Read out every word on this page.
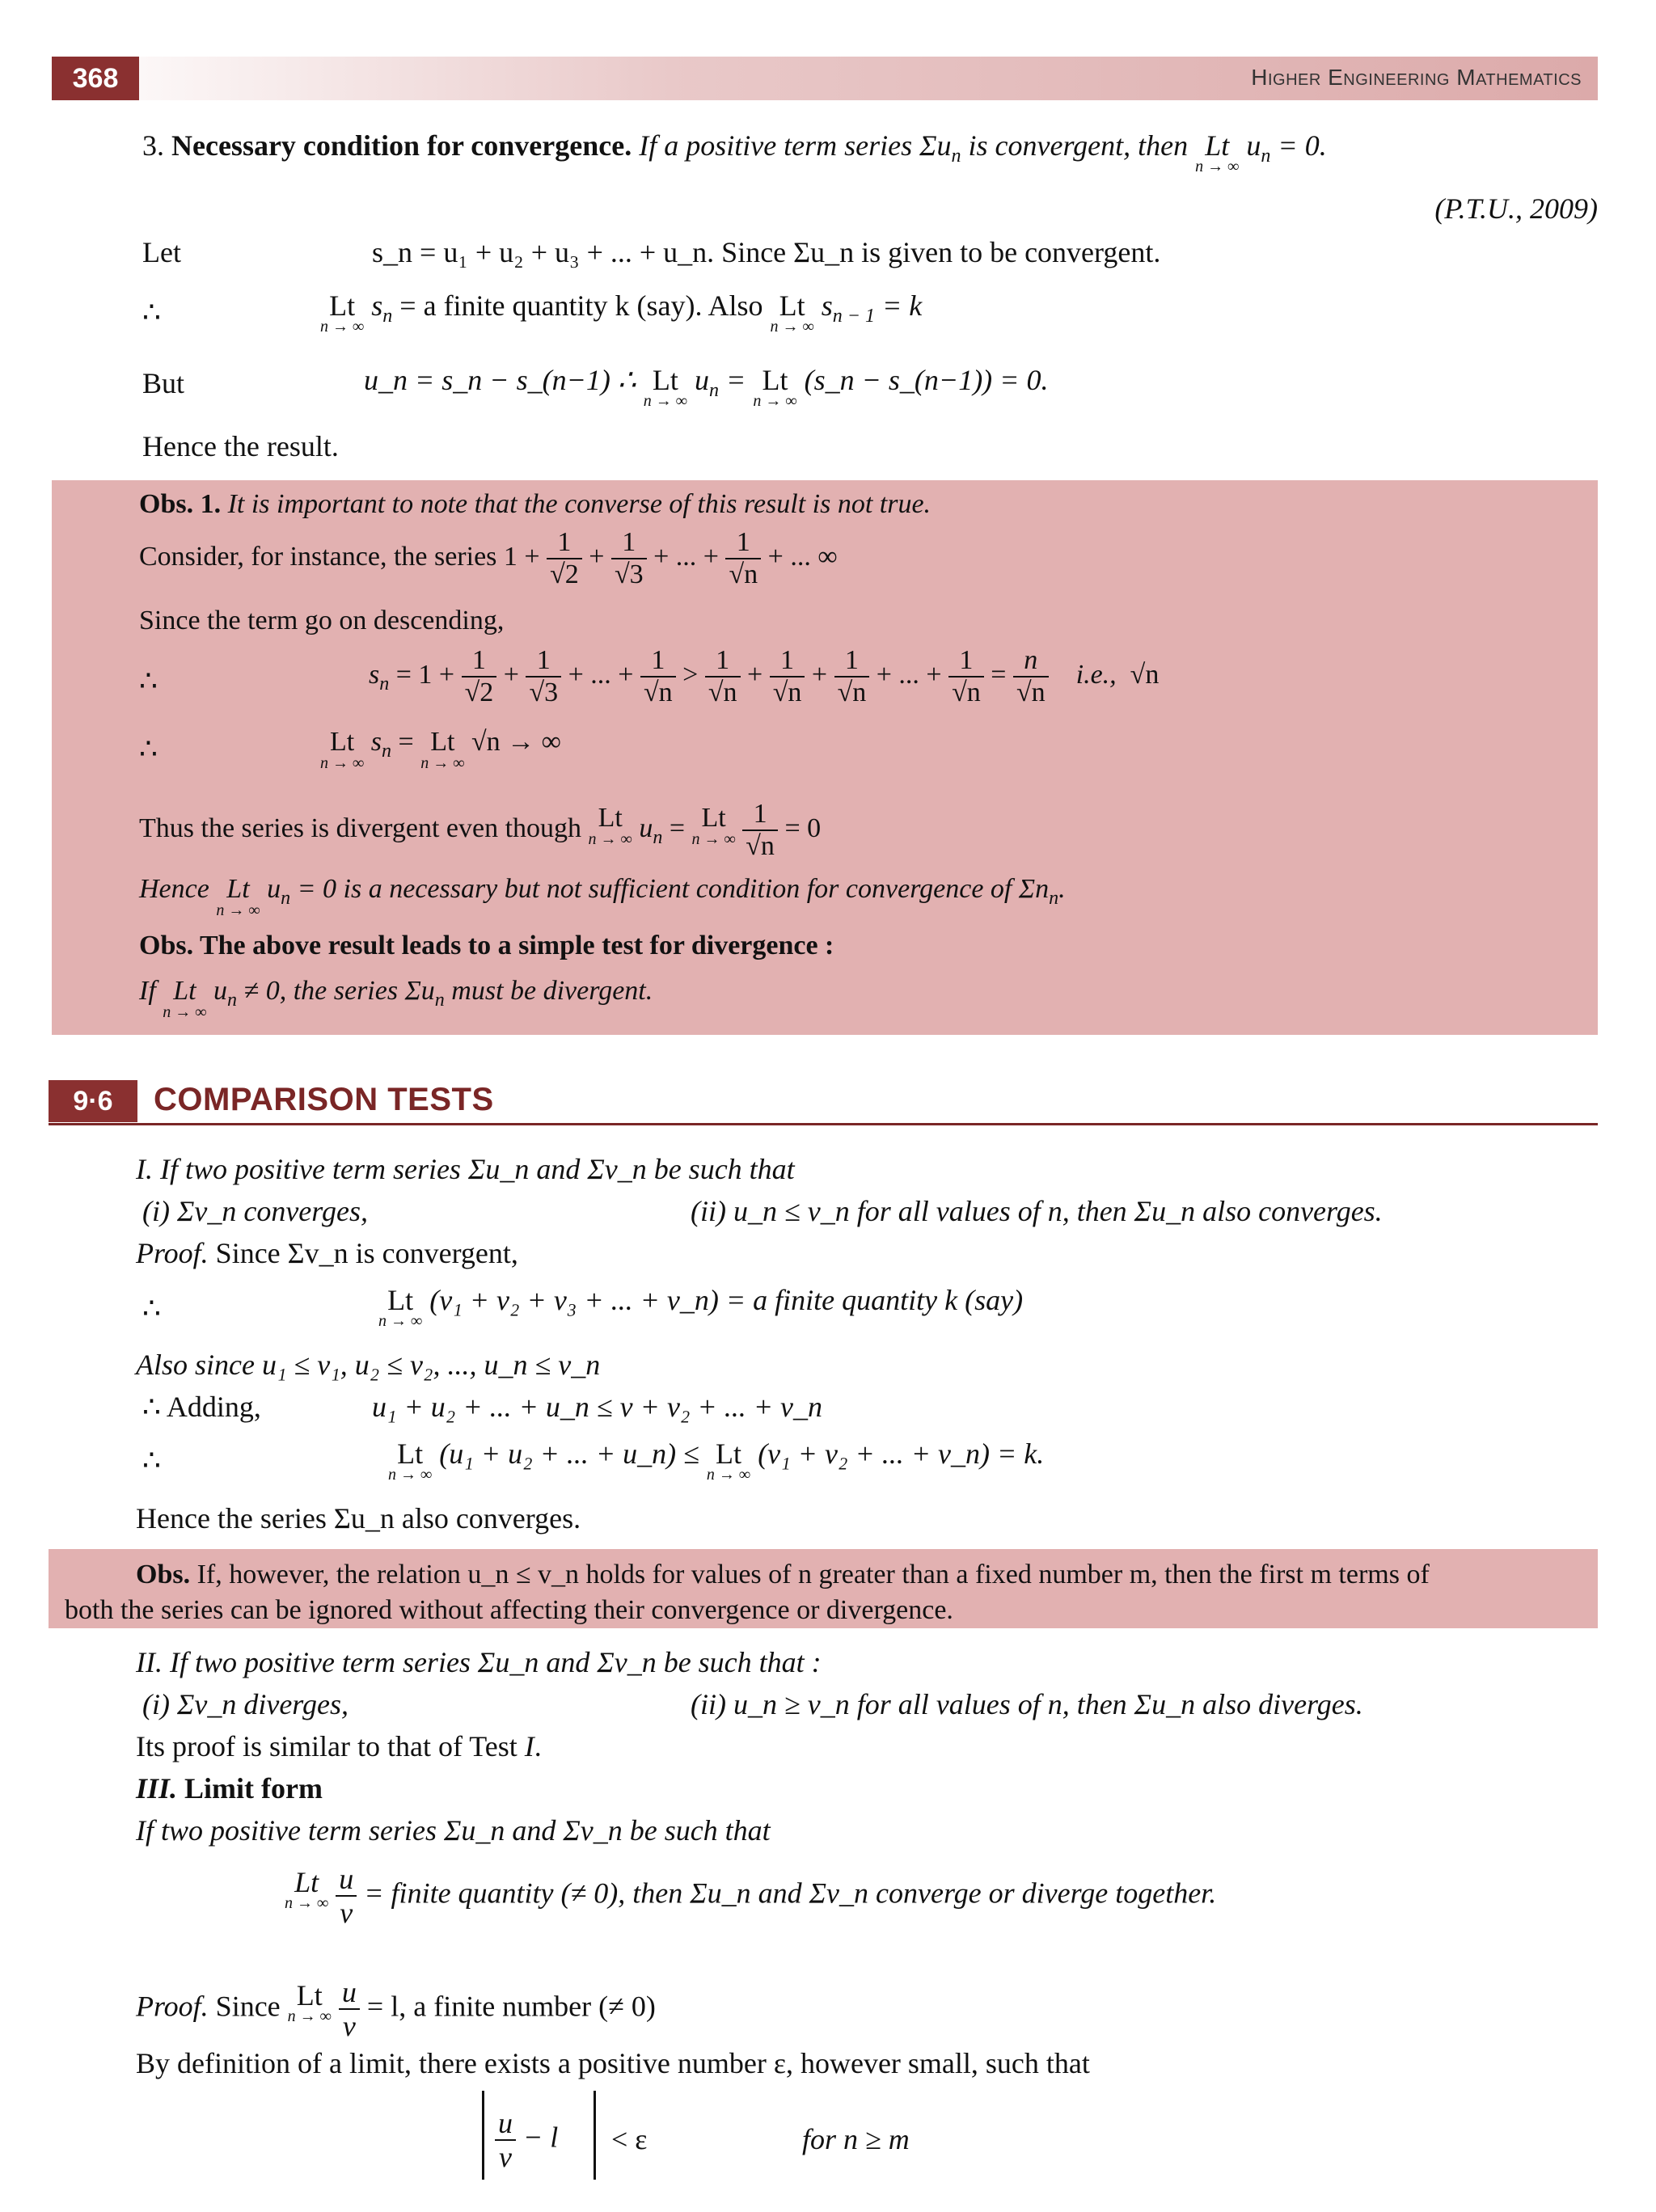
368	Higher Engineering Mathematics
3. Necessary condition for convergence. If a positive term series $\Sigma u_n$ is convergent, then Lt
n → ∞
$u_n = 0$.
(P.T.U., 2009)
Let	s_n = u₁ + u₂ + u₃ + ... + u_n. Since Σu_n is given to be convergent.
∴	Lt
n → ∞
$s_n = a$ finite quantity k (say). Also Lt
n → ∞
$s_{n - 1} = k$
But	u_n = s_n − s_(n−1) ∴ Lt
n → ∞
$u_n = Lt$
n → ∞
(s_n − s_(n−1)) = 0.
Hence the result.
Obs. 1. It is important to note that the converse of this result is not true.
Consider, for instance, the series $1 + \frac{1}{√2} + \frac{1}{√3}$ + ... + $\frac{1}{√n}$ + ... ∞
Since the term go on descending,
∴	$s_n = 1 + \frac{1}{√2} + \frac{1}{√3}$ + ... + $\frac{1}{√n} > \frac{1}{√n} + \frac{1}{√n} + \frac{1}{√n}$ + ... + $\frac{1}{√n} = \frac{n}{√n} i.e$., √n
∴	Lt
n → ∞
$s_n = Lt$
n → ∞
√n → ∞
Thus the series is divergent even though Lt
n → ∞ $u_n = Lt$
n → ∞
$\frac{1}{√n} = 0$
Hence Lt
n → ∞
$u_n = 0$ is a necessary but not sufficient condition for convergence of $\Sigma n_n$.
Obs. The above result leads to a simple test for divergence :
If Lt
n → ∞
$u_n \ne 0$, the series $\Sigma u_n$ must be divergent.
9·6	COMPARISON TESTS
I. If two positive term series Σu_n and Σv_n be such that
(i) Σv_n converges,	(ii) u_n ≤ v_n for all values of n, then Σu_n also converges.
Proof. Since Σv_n is convergent,
∴	Lt
n → ∞
(v₁ + v₂ + v₃ + ... + v_n) = a finite quantity k (say)
Also since u₁ ≤ v₁, u₂ ≤ v₂, ..., u_n ≤ v_n
∴ Adding,	u₁ + u₂ + ... + u_n ≤ v + v₂ + ... + v_n
∴	Lt
n → ∞
(u₁ + u₂ + ... + u_n) ≤ Lt
n → ∞
(v₁ + v₂ + ... + v_n) = k.
Hence the series Σu_n also converges.
Obs. If, however, the relation u_n ≤ v_n holds for values of n greater than a fixed number m, then the first m terms of
both the series can be ignored without affecting their convergence or divergence.
II. If two positive term series Σu_n and Σv_n be such that :
(i) Σv_n diverges,	(ii) u_n ≥ v_n for all values of n, then Σu_n also diverges.
Its proof is similar to that of Test I.
III. Limit form
If two positive term series Σu_n and Σv_n be such that
Lt
n → ∞
$\frac{u}{v}$ = finite quantity (≠ 0), then Σu_n and Σv_n converge or diverge together.
Proof. Since Lt
n → ∞
$\frac{u}{v} = l$, a finite number (≠ 0)
By definition of a limit, there exists a positive number ε, however small, such that
$\frac{u}{v} - l < \varepsilon$	for n ≥ m
